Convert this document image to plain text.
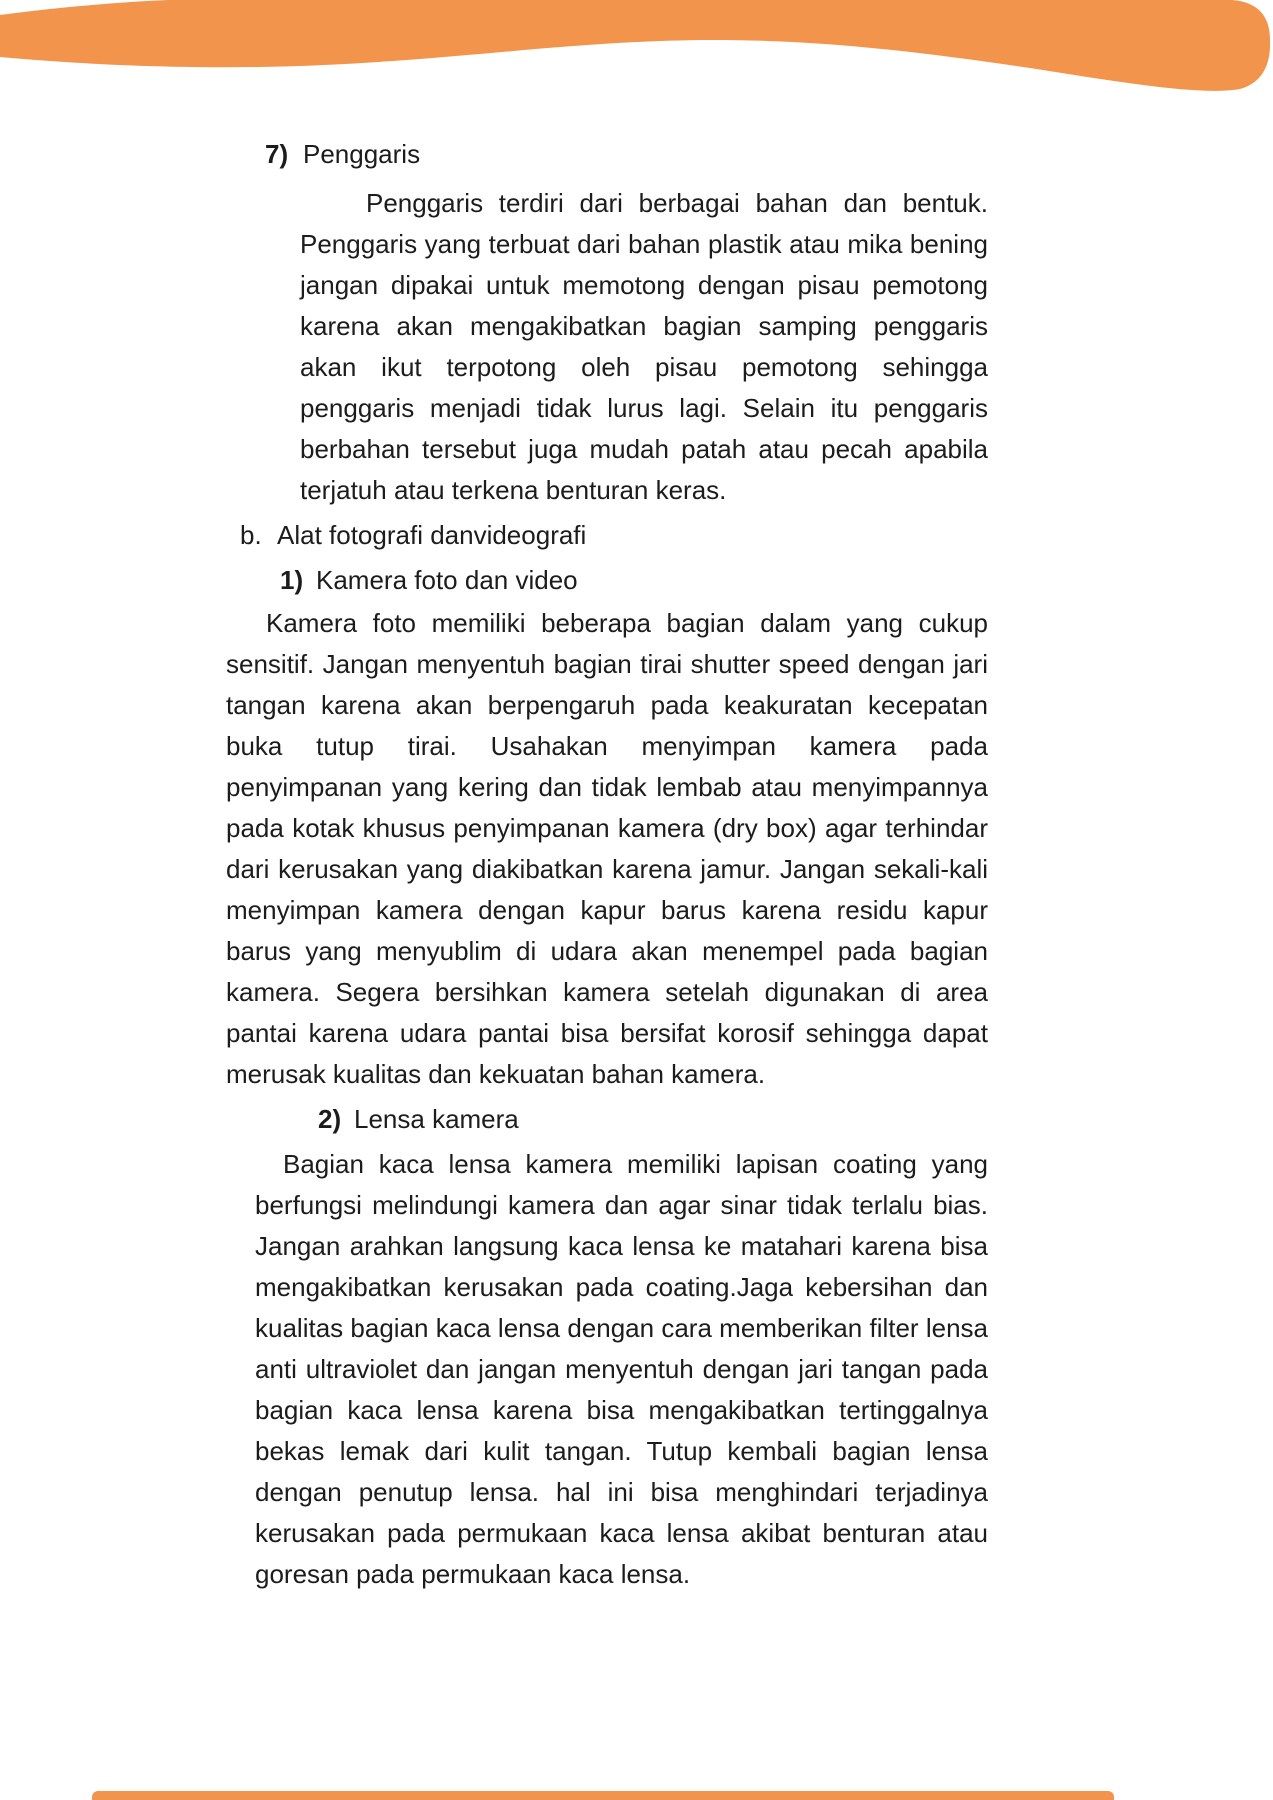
7) Penggaris

Penggaris terdiri dari berbagai bahan dan bentuk. Penggaris yang terbuat dari bahan plastik atau mika bening jangan dipakai untuk memotong dengan pisau pemotong karena akan mengakibatkan bagian samping penggaris akan ikut terpotong oleh pisau pemotong sehingga penggaris menjadi tidak lurus lagi. Selain itu penggaris berbahan tersebut juga mudah patah atau pecah apabila terjatuh atau terkena benturan keras.

b. Alat fotografi danvideografi
1) Kamera foto dan video

Kamera foto memiliki beberapa bagian dalam yang cukup sensitif. Jangan menyentuh bagian tirai shutter speed dengan jari tangan karena akan berpengaruh pada keakuratan kecepatan buka tutup tirai. Usahakan menyimpan kamera pada penyimpanan yang kering dan tidak lembab atau menyimpannya pada kotak khusus penyimpanan kamera (dry box) agar terhindar dari kerusakan yang diakibatkan karena jamur. Jangan sekali-kali menyimpan kamera dengan kapur barus karena residu kapur barus yang menyublim di udara akan menempel pada bagian kamera. Segera bersihkan kamera setelah digunakan di area pantai karena udara pantai bisa bersifat korosif sehingga dapat merusak kualitas dan kekuatan bahan kamera.

2) Lensa kamera

Bagian kaca lensa kamera memiliki lapisan coating yang berfungsi melindungi kamera dan agar sinar tidak terlalu bias. Jangan arahkan langsung kaca lensa ke matahari karena bisa mengakibatkan kerusakan pada coating.Jaga kebersihan dan kualitas bagian kaca lensa dengan cara memberikan filter lensa anti ultraviolet dan jangan menyentuh dengan jari tangan pada bagian kaca lensa karena bisa mengakibatkan tertinggalnya bekas lemak dari kulit tangan. Tutup kembali bagian lensa dengan penutup lensa. hal ini bisa menghindari terjadinya kerusakan pada permukaan kaca lensa akibat benturan atau goresan pada permukaan kaca lensa.
